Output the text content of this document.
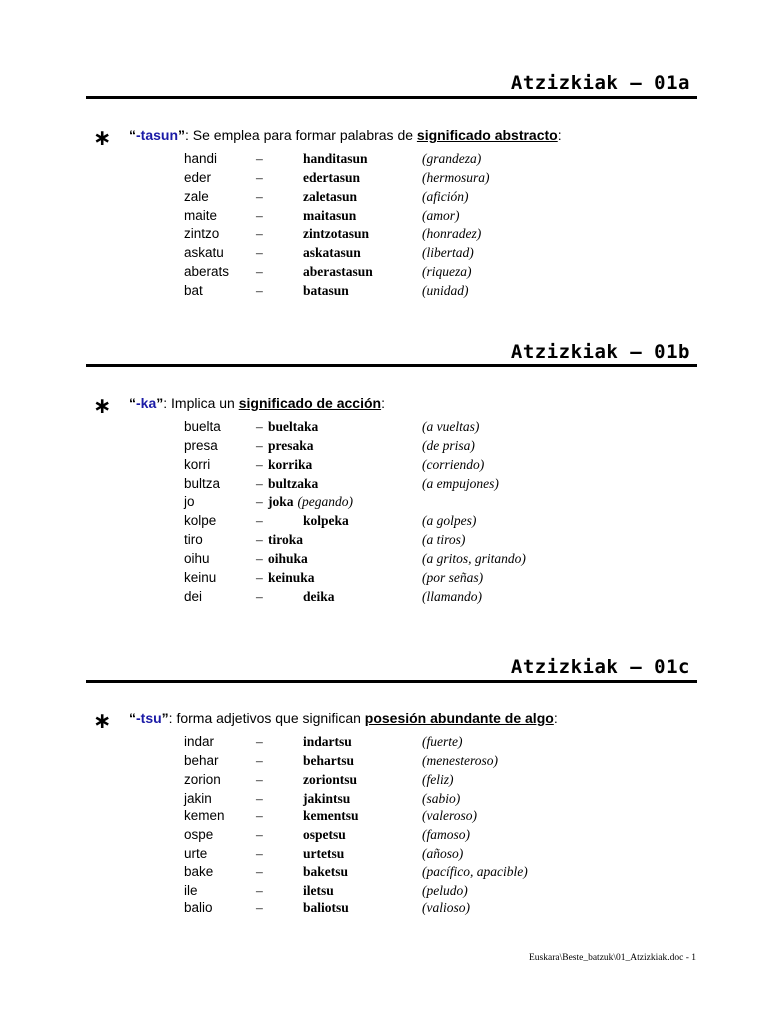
Atzizkiak – 01a
∗ “-tasun”: Se emplea para formar palabras de significado abstracto:
handi	–	handitasun	(grandeza)
eder	–	edertasun	(hermosura)
zale	–	zaletasun	(afición)
maite	–	maitasun	(amor)
zintzo	–	zintzotasun	(honradez)
askatu –	askatasun	(libertad)
aberats –	aberastasun	(riqueza)
bat	–	batasun	(unidad)
Atzizkiak – 01b
∗ “-ka”: Implica un significado de acción:
buelta	– bueltaka	(a vueltas)
presa	– presaka	(de prisa)
korri	– korrika	(corriendo)
bultza	– bultzaka	(a empujones)
jo	– joka (pegando)
kolpe	–	kolpeka	(a golpes)
tiro	– tiroka	(a tiros)
oihu	– oihuka	(a gritos, gritando)
keinu	– keinuka	(por señas)
dei	–	deika	(llamando)
Atzizkiak – 01c
∗ “-tsu”: forma adjetivos que significan posesión abundante de algo:
indar	–	indartsu	(fuerte)
behar	–	behartsu	(menesteroso)
zorion	–	zoriontsu	(feliz)
jakin	–	jakintsu	(sabio)
kemen –	kementsu	(valeroso)
ospe	–	ospetsu	(famoso)
urte	–	urtetsu	(añoso)
bake	–	baketsu	(pacífico, apacible)
ile	–	iletsu	(peludo)
balio	–	baliotsu	(valioso)
Euskara\Beste_batzuk\01_Atzizkiak.doc - 1
